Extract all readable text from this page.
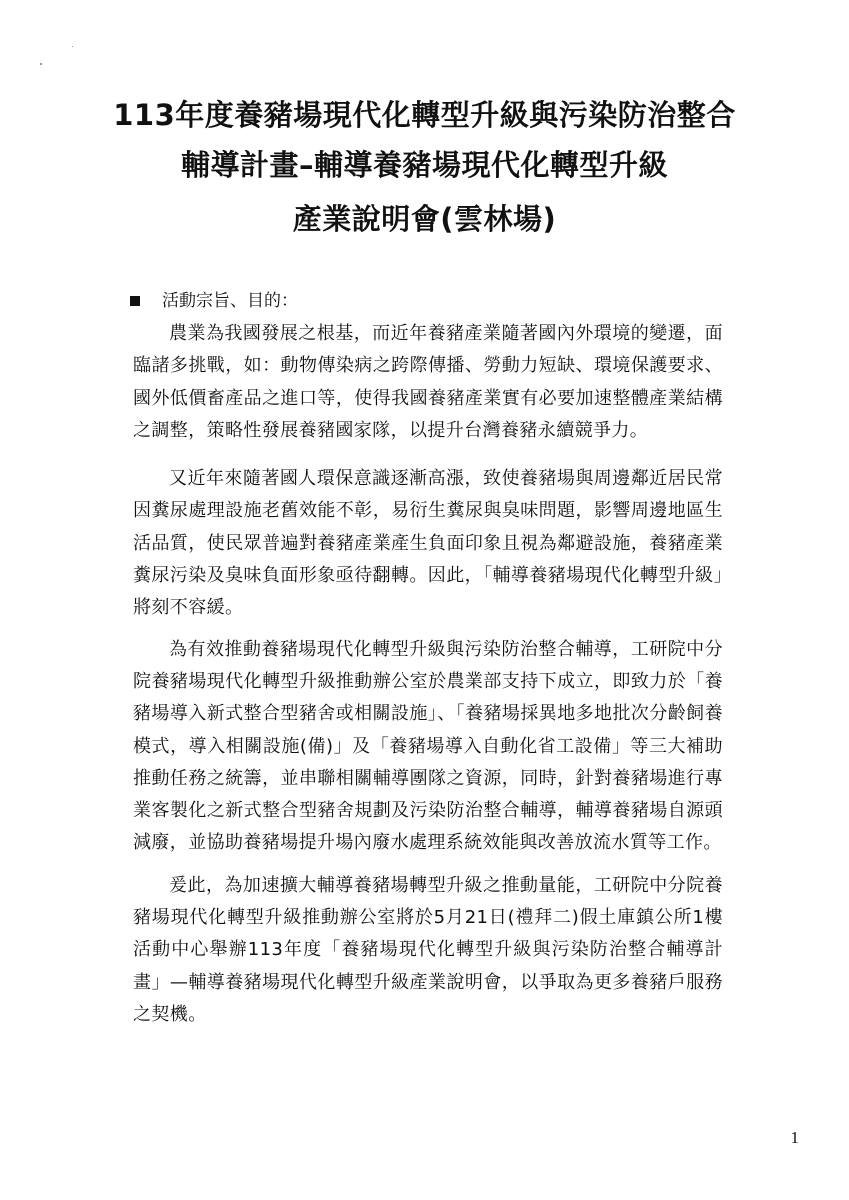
113年度養豬場現代化轉型升級與污染防治整合

輔導計畫–輔導養豬場現代化轉型升級

產業說明會(雲林場)

活動宗旨、目的：

農業為我國發展之根基，而近年養豬產業隨著國內外環境的變遷，面臨諸多挑戰，如：動物傳染病之跨際傳播、勞動力短缺、環境保護要求、國外低價畜產品之進口等，使得我國養豬產業實有必要加速整體產業結構之調整，策略性發展養豬國家隊，以提升台灣養豬永續競爭力。

又近年來隨著國人環保意識逐漸高漲，致使養豬場與周邊鄰近居民常因糞尿處理設施老舊效能不彰，易衍生糞尿與臭味問題，影響周邊地區生活品質，使民眾普遍對養豬產業產生負面印象且視為鄰避設施，養豬產業糞尿污染及臭味負面形象亟待翻轉。因此，「輔導養豬場現代化轉型升級」將刻不容緩。

為有效推動養豬場現代化轉型升級與污染防治整合輔導，工研院中分院養豬場現代化轉型升級推動辦公室於農業部支持下成立，即致力於「養豬場導入新式整合型豬舍或相關設施」、「養豬場採異地多地批次分齡飼養模式，導入相關設施(備)」及「養豬場導入自動化省工設備」等三大補助推動任務之統籌，並串聯相關輔導團隊之資源，同時，針對養豬場進行專業客製化之新式整合型豬舍規劃及污染防治整合輔導，輔導養豬場自源頭減廢，並協助養豬場提升場內廢水處理系統效能與改善放流水質等工作。

爰此，為加速擴大輔導養豬場轉型升級之推動量能，工研院中分院養豬場現代化轉型升級推動辦公室將於5月21日(禮拜二)假土庫鎮公所1樓活動中心舉辦113年度「養豬場現代化轉型升級與污染防治整合輔導計畫」—輔導養豬場現代化轉型升級產業說明會，以爭取為更多養豬戶服務之契機。

1
